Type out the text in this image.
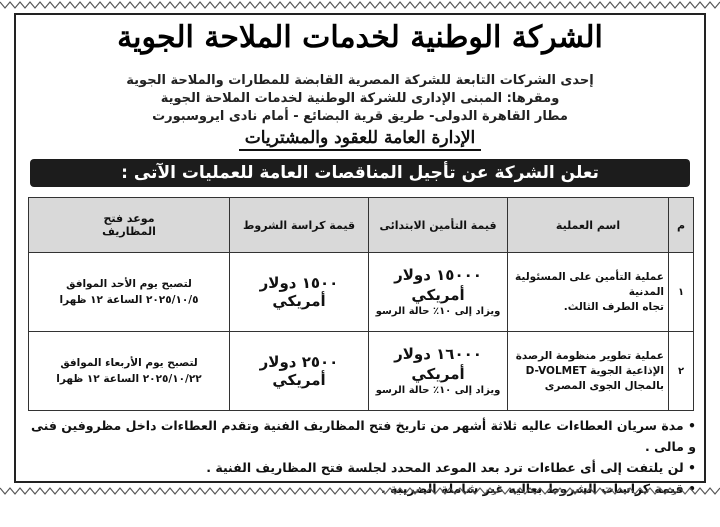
الشركة الوطنية لخدمات الملاحة الجوية
إحدى الشركات التابعة للشركة المصرية القابضة للمطارات والملاحة الجوية
ومقرها: المبنى الإدارى للشركة الوطنية لخدمات الملاحة الجوية
مطار القاهرة الدولى- طريق قرية البضائع - أمام نادى ايروسبورت
الإدارة العامة للعقود والمشتريات
تعلن الشركة عن تأجيل المناقصات العامة للعمليات الآتى :
م	اسم العملية	قيمة التأمين الابتدائى	قيمة كراسة الشروط	موعد فتح
المظاريف

١	عملية التأمين على المسئولية المدنية
تجاه الطرف الثالث.	١٥٠٠٠ دولار أمريكي
ويزاد إلى ١٠٪ حالة الرسو	١٥٠٠ دولار أمريكي	لتصبح يوم الأحد الموافق
٢٠٢٥/١٠/٥ الساعة ١٢ ظهرا

٢	عملية تطوير منظومة الرصدة
الإذاعية الجوية D-VOLMET
بالمجال الجوى المصرى	١٦٠٠٠ دولار أمريكي
ويزاد إلى ١٠٪ حالة الرسو	٢٥٠٠ دولار أمريكي	لتصبح يوم الأربعاء الموافق
٢٠٢٥/١٠/٢٢ الساعة ١٢ ظهرا
• مدة سريان العطاءات عاليه ثلاثة أشهر من تاريخ فتح المظاريف الفنية وتقدم العطاءات داخل مظروفين فنى و مالى .
• لن يلتفت إلى أى عطاءات ترد بعد الموعد المحدد لجلسة فتح المظاريف الفنية .
• قيمة كراسات الشروط بعاليه غير شاملة الضريبة .
